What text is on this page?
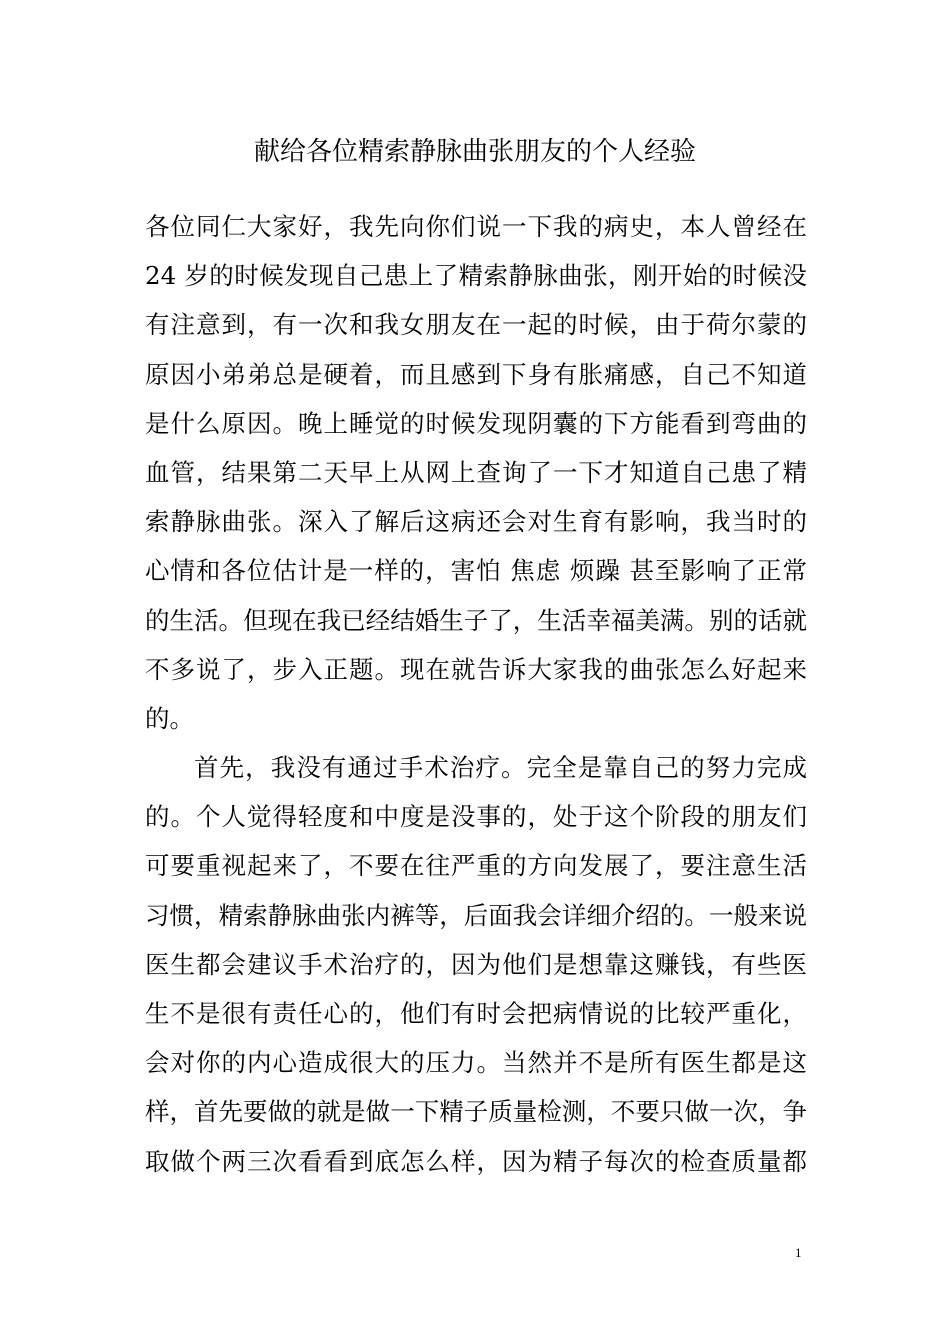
献给各位精索静脉曲张朋友的个人经验

各位同仁大家好，我先向你们说一下我的病史，本人曾经在
24 岁的时候发现自己患上了精索静脉曲张，刚开始的时候没
有注意到，有一次和我女朋友在一起的时候，由于荷尔蒙的
原因小弟弟总是硬着，而且感到下身有胀痛感，自己不知道
是什么原因。晚上睡觉的时候发现阴囊的下方能看到弯曲的
血管，结果第二天早上从网上查询了一下才知道自己患了精
索静脉曲张。深入了解后这病还会对生育有影响，我当时的
心情和各位估计是一样的，害怕 焦虑 烦躁 甚至影响了正常
的生活。但现在我已经结婚生子了，生活幸福美满。别的话就
不多说了，步入正题。现在就告诉大家我的曲张怎么好起来
的。

首先，我没有通过手术治疗。完全是靠自己的努力完成
的。个人觉得轻度和中度是没事的，处于这个阶段的朋友们
可要重视起来了，不要在往严重的方向发展了，要注意生活
习惯，精索静脉曲张内裤等，后面我会详细介绍的。一般来说
医生都会建议手术治疗的，因为他们是想靠这赚钱，有些医
生不是很有责任心的，他们有时会把病情说的比较严重化，
会对你的内心造成很大的压力。当然并不是所有医生都是这
样，首先要做的就是做一下精子质量检测，不要只做一次，争
取做个两三次看看到底怎么样，因为精子每次的检查质量都

1
